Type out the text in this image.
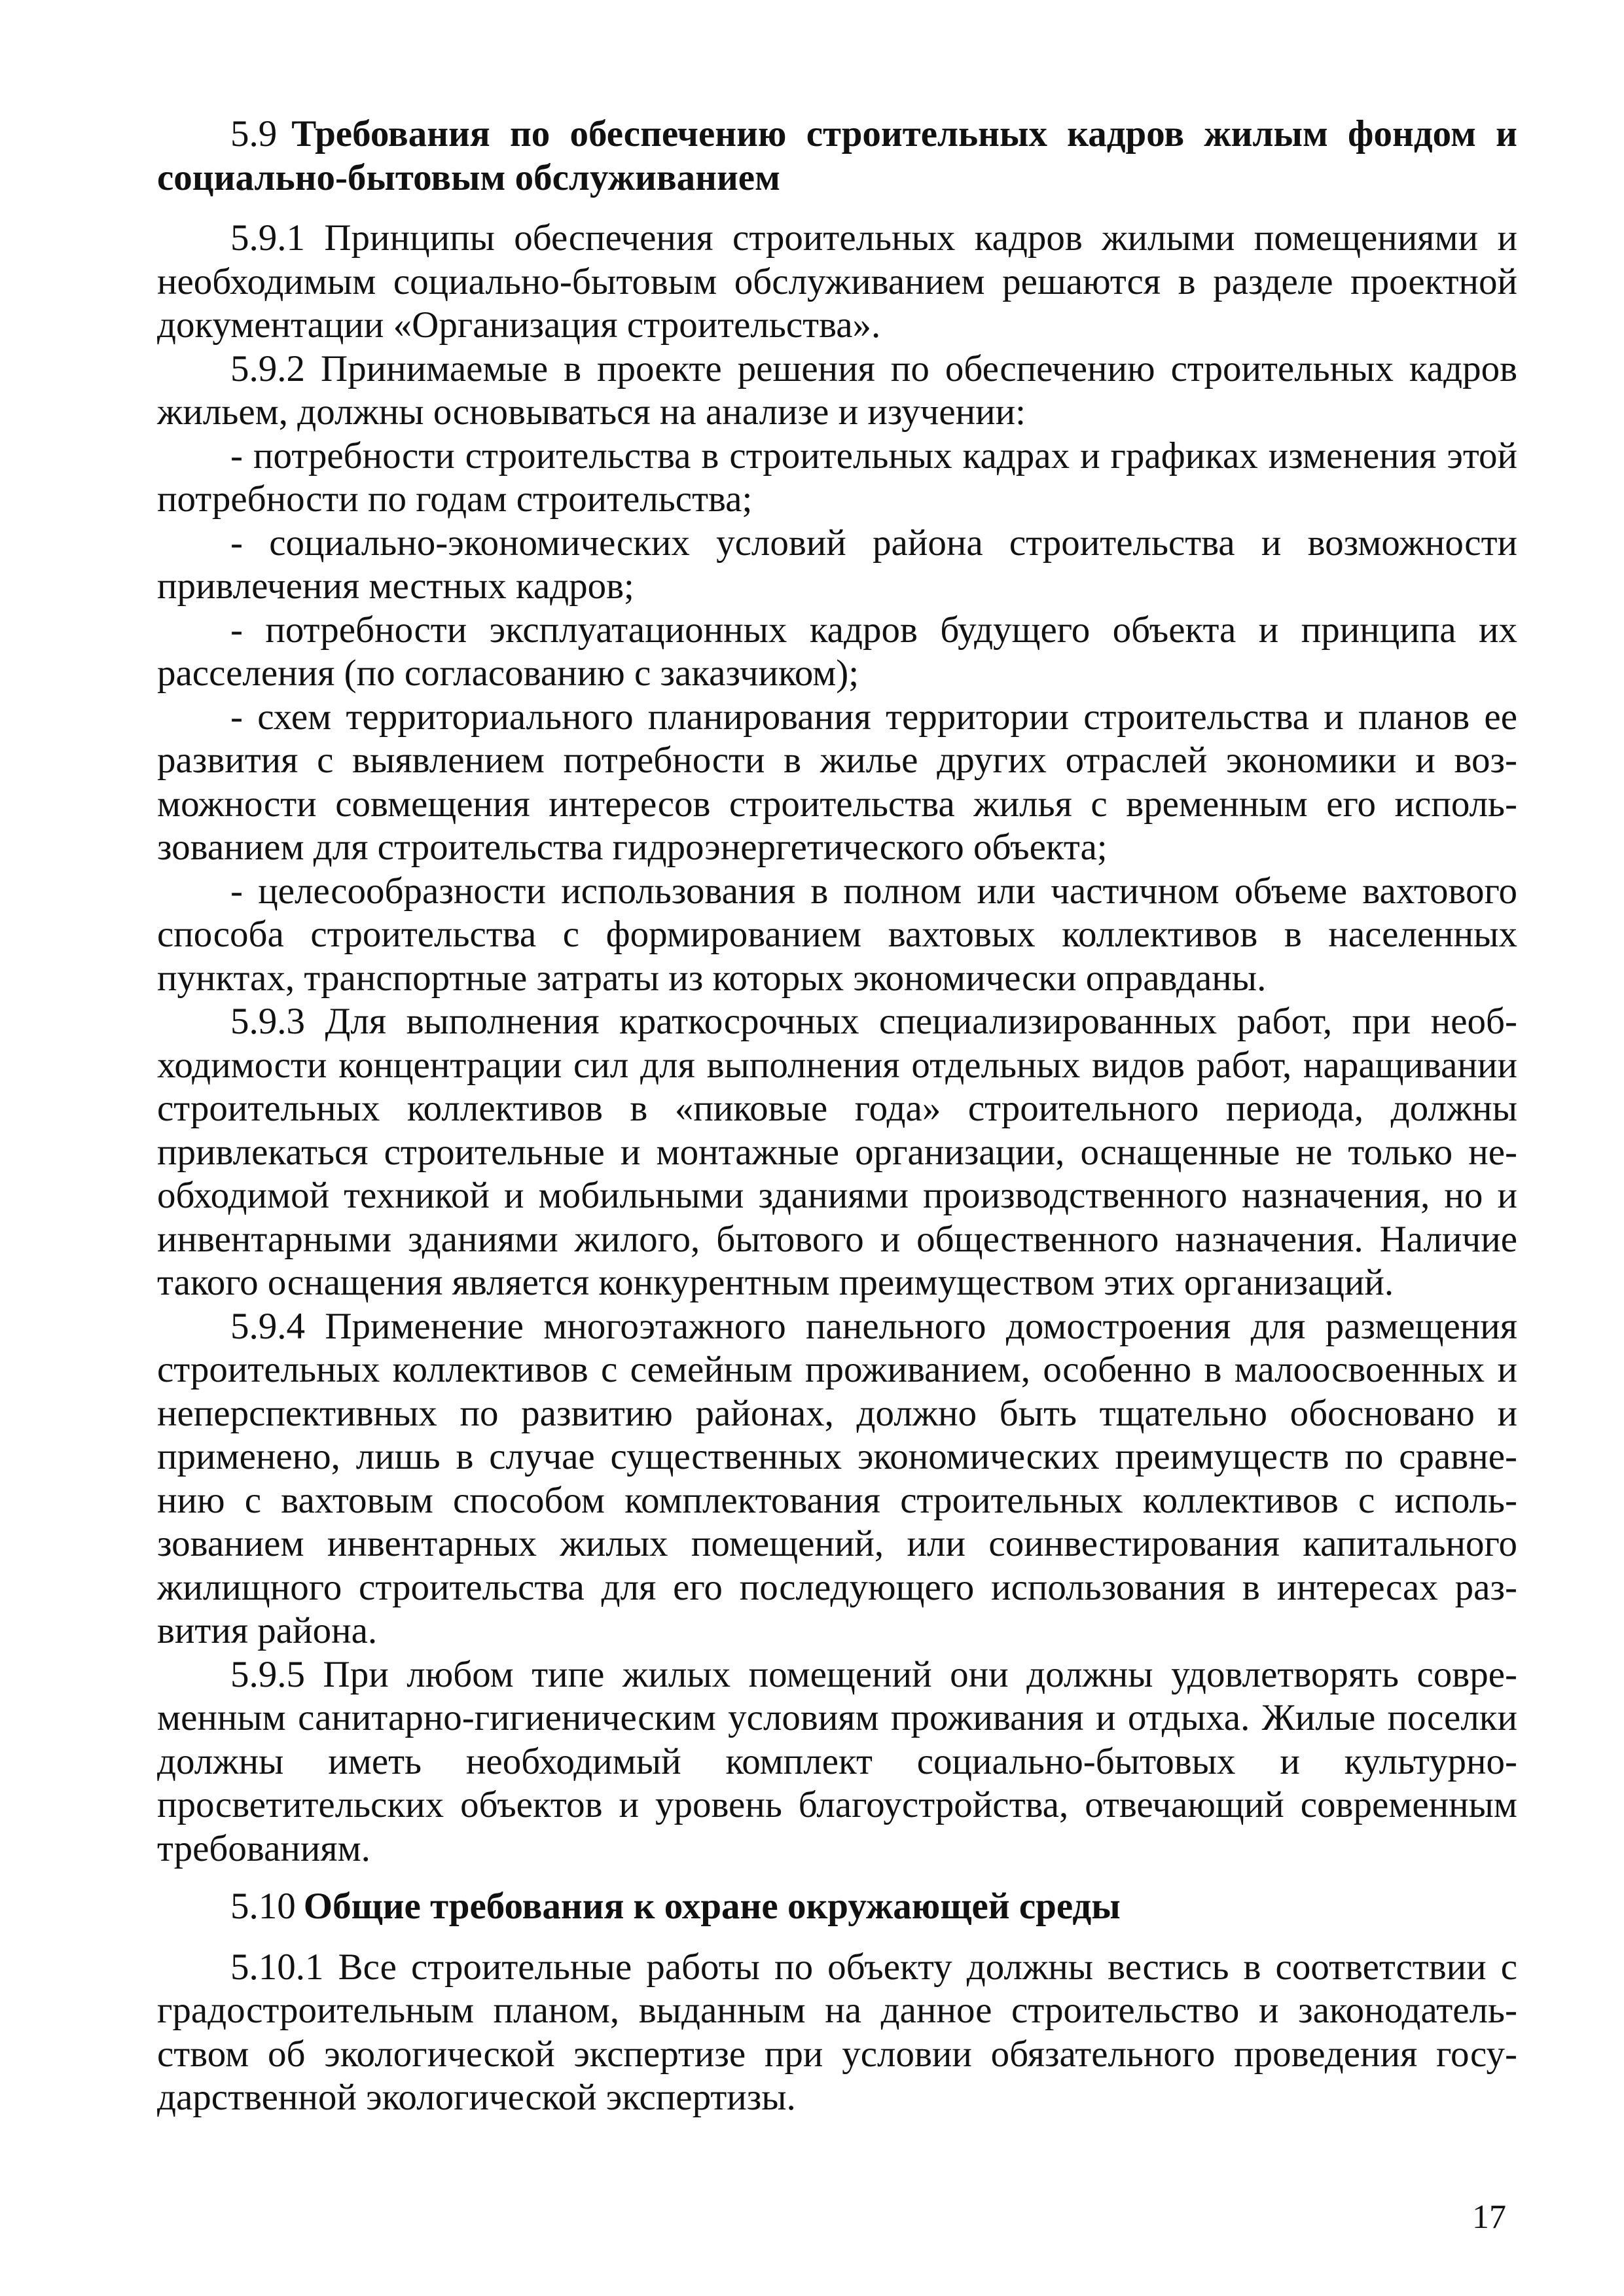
5.9 Требования по обеспечению строительных кадров жилым фондом и социально-бытовым обслуживанием

5.9.1 Принципы обеспечения строительных кадров жилыми помещениями и необходимым социально-бытовым обслуживанием решаются в разделе проектной документации «Организация строительства».

5.9.2 Принимаемые в проекте решения по обеспечению строительных кадров жильем, должны основываться на анализе и изучении:

- потребности строительства в строительных кадрах и графиках изменения этой потребности по годам строительства;

- социально-экономических условий района строительства и возможности привлечения местных кадров;

- потребности эксплуатационных кадров будущего объекта и принципа их расселения (по согласованию с заказчиком);

- схем территориального планирования территории строительства и планов ее развития с выявлением потребности в жилье других отраслей экономики и возможности совмещения интересов строительства жилья с временным его использованием для строительства гидроэнергетического объекта;

- целесообразности использования в полном или частичном объеме вахтового способа строительства с формированием вахтовых коллективов в населенных пунктах, транспортные затраты из которых экономически оправданы.

5.9.3 Для выполнения краткосрочных специализированных работ, при необходимости концентрации сил для выполнения отдельных видов работ, наращивании строительных коллективов в «пиковые года» строительного периода, должны привлекаться строительные и монтажные организации, оснащенные не только необходимой техникой и мобильными зданиями производственного назначения, но и инвентарными зданиями жилого, бытового и общественного назначения. Наличие такого оснащения является конкурентным преимуществом этих организаций.

5.9.4 Применение многоэтажного панельного домостроения для размещения строительных коллективов с семейным проживанием, особенно в малоосвоенных и неперспективных по развитию районах, должно быть тщательно обосновано и применено, лишь в случае существенных экономических преимуществ по сравнению с вахтовым способом комплектования строительных коллективов с использованием инвентарных жилых помещений, или соинвестирования капитального жилищного строительства для его последующего использования в интересах развития района.

5.9.5 При любом типе жилых помещений они должны удовлетворять современным санитарно-гигиеническим условиям проживания и отдыха. Жилые поселки должны иметь необходимый комплект социально-бытовых и культурно-просветительских объектов и уровень благоустройства, отвечающий современным требованиям.

5.10 Общие требования к охране окружающей среды

5.10.1 Все строительные работы по объекту должны вестись в соответствии с градостроительным планом, выданным на данное строительство и законодательством об экологической экспертизе при условии обязательного проведения государственной экологической экспертизы.

17
